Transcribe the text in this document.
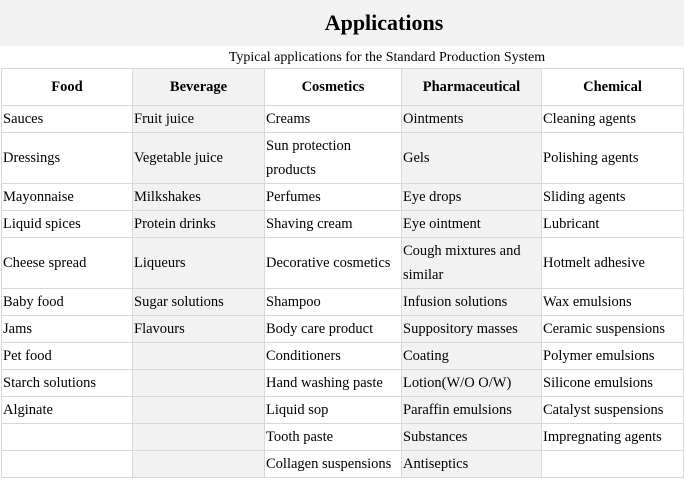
Applications
Typical applications for the Standard Production System
Food	Beverage	Cosmetics	Pharmaceutical	Chemical
Sauces	Fruit juice	Creams	Ointments	Cleaning agents
Dressings	Vegetable juice	Sun protection products	Gels	Polishing agents
Mayonnaise	Milkshakes	Perfumes	Eye drops	Sliding agents
Liquid spices	Protein drinks	Shaving cream	Eye ointment	Lubricant
Cheese spread	Liqueurs	Decorative cosmetics	Cough mixtures and similar	Hotmelt adhesive
Baby food	Sugar solutions	Shampoo	Infusion solutions	Wax emulsions
Jams	Flavours	Body care product	Suppository masses	Ceramic suspensions
Pet food		Conditioners	Coating	Polymer emulsions
Starch solutions		Hand washing paste	Lotion(W/O O/W)	Silicone emulsions
Alginate		Liquid sop	Paraffin emulsions	Catalyst suspensions
		Tooth paste	Substances	Impregnating agents
		Collagen suspensions	Antiseptics	
